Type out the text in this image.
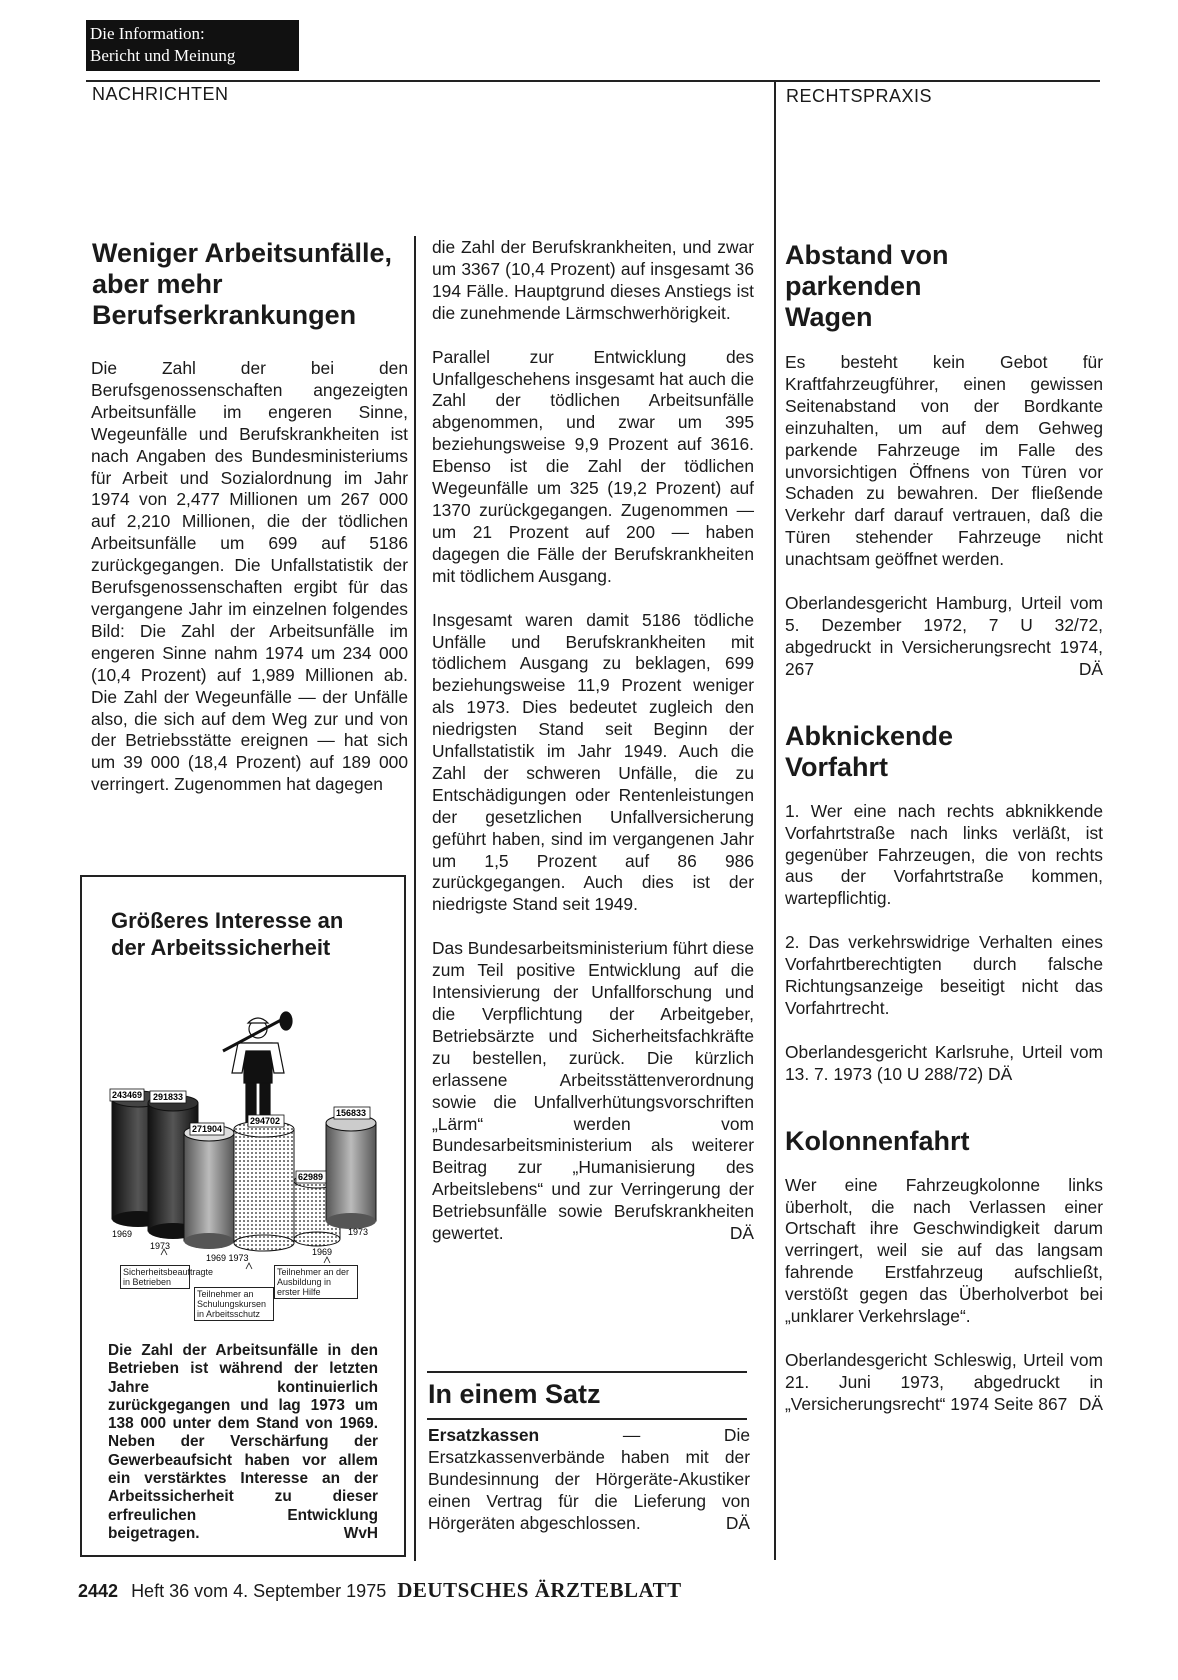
Die Information:
Bericht und Meinung
NACHRICHTEN	RECHTSPRAXIS
Weniger Arbeitsunfälle, aber mehr Berufserkrankungen

Die Zahl der bei den Berufsgenossenschaften angezeigten Arbeitsunfälle im engeren Sinne, Wegeunfälle und Berufskrankheiten ist nach Angaben des Bundesministeriums für Arbeit und Sozialordnung im Jahr 1974 von 2,477 Millionen um 267 000 auf 2,210 Millionen, die der tödlichen Arbeitsunfälle um 699 auf 5186 zurückgegangen. Die Unfallstatistik der Berufsgenossenschaften ergibt für das vergangene Jahr im einzelnen folgendes Bild: Die Zahl der Arbeitsunfälle im engeren Sinne nahm 1974 um 234 000 (10,4 Prozent) auf 1,989 Millionen ab. Die Zahl der Wegeunfälle — der Unfälle also, die sich auf dem Weg zur und von der Betriebsstätte ereignen — hat sich um 39 000 (18,4 Prozent) auf 189 000 verringert. Zugenommen hat dagegen

die Zahl der Berufskrankheiten, und zwar um 3367 (10,4 Prozent) auf insgesamt 36 194 Fälle. Hauptgrund dieses Anstiegs ist die zunehmende Lärmschwerhörigkeit.

Parallel zur Entwicklung des Unfallgeschehens insgesamt hat auch die Zahl der tödlichen Arbeitsunfälle abgenommen, und zwar um 395 beziehungsweise 9,9 Prozent auf 3616. Ebenso ist die Zahl der tödlichen Wegeunfälle um 325 (19,2 Prozent) auf 1370 zurückgegangen. Zugenommen — um 21 Prozent auf 200 — haben dagegen die Fälle der Berufskrankheiten mit tödlichem Ausgang.

Insgesamt waren damit 5186 tödliche Unfälle und Berufskrankheiten mit tödlichem Ausgang zu beklagen, 699 beziehungsweise 11,9 Prozent weniger als 1973. Dies bedeutet zugleich den niedrigsten Stand seit Beginn der Unfallstatistik im Jahr 1949. Auch die Zahl der schweren Unfälle, die zu Entschädigungen oder Rentenleistungen der gesetzlichen Unfallversicherung geführt haben, sind im vergangenen Jahr um 1,5 Prozent auf 86 986 zurückgegangen. Auch dies ist der niedrigste Stand seit 1949.

Das Bundesarbeitsministerium führt diese zum Teil positive Entwicklung auf die Intensivierung der Unfallforschung und die Verpflichtung der Arbeitgeber, Betriebsärzte und Sicherheitsfachkräfte zu bestellen, zurück. Die kürzlich erlassene Arbeitsstättenverordnung sowie die Unfallverhütungsvorschriften „Lärm“ werden vom Bundesarbeitsministerium als weiterer Beitrag zur „Humanisierung des Arbeitslebens“ und zur Verringerung der Betriebsunfälle sowie Berufskrankheiten gewertet.	DÄ

Größeres Interesse an der Arbeitssicherheit
243469 291833
271904
294702
156833
62989
1969
1973
1969 1973
1973
1969
Sicherheitsbeauftragte in Betrieben
Teilnehmer an Schulungskursen in Arbeitsschutz
Teilnehmer an der Ausbildung in erster Hilfe

Die Zahl der Arbeitsunfälle in den Betrieben ist während der letzten Jahre kontinuierlich zurückgegangen und lag 1973 um 138 000 unter dem Stand von 1969. Neben der Verschärfung der Gewerbeaufsicht haben vor allem ein verstärktes Interesse an der Arbeitssicherheit zu dieser erfreulichen Entwicklung beigetragen.	WvH

In einem Satz

Ersatzkassen — Die Ersatzkassenverbände haben mit der Bundesinnung der Hörgeräte-Akustiker einen Vertrag für die Lieferung von Hörgeräten abgeschlossen.	DÄ

Abstand von parkenden Wagen

Es besteht kein Gebot für Kraftfahrzeugführer, einen gewissen Seitenabstand von der Bordkante einzuhalten, um auf dem Gehweg parkende Fahrzeuge im Falle des unvorsichtigen Öffnens von Türen vor Schaden zu bewahren. Der fließende Verkehr darf darauf vertrauen, daß die Türen stehender Fahrzeuge nicht unachtsam geöffnet werden.

Oberlandesgericht Hamburg, Urteil vom 5. Dezember 1972, 7 U 32/72, abgedruckt in Versicherungsrecht 1974, 267	DÄ

Abknickende Vorfahrt

1. Wer eine nach rechts abknikkende Vorfahrtstraße nach links verläßt, ist gegenüber Fahrzeugen, die von rechts aus der Vorfahrtstraße kommen, wartepflichtig.

2. Das verkehrswidrige Verhalten eines Vorfahrtberechtigten durch falsche Richtungsanzeige beseitigt nicht das Vorfahrtrecht.

Oberlandesgericht Karlsruhe, Urteil vom 13. 7. 1973 (10 U 288/72) DÄ

Kolonnenfahrt

Wer eine Fahrzeugkolonne links überholt, die nach Verlassen einer Ortschaft ihre Geschwindigkeit darum verringert, weil sie auf das langsam fahrende Erstfahrzeug aufschließt, verstößt gegen das Überholverbot bei „unklarer Verkehrslage“.

Oberlandesgericht Schleswig, Urteil vom 21. Juni 1973, abgedruckt in „Versicherungsrecht“ 1974 Seite 867 DÄ

2442 Heft 36 vom 4. September 1975 DEUTSCHES ÄRZTEBLATT
